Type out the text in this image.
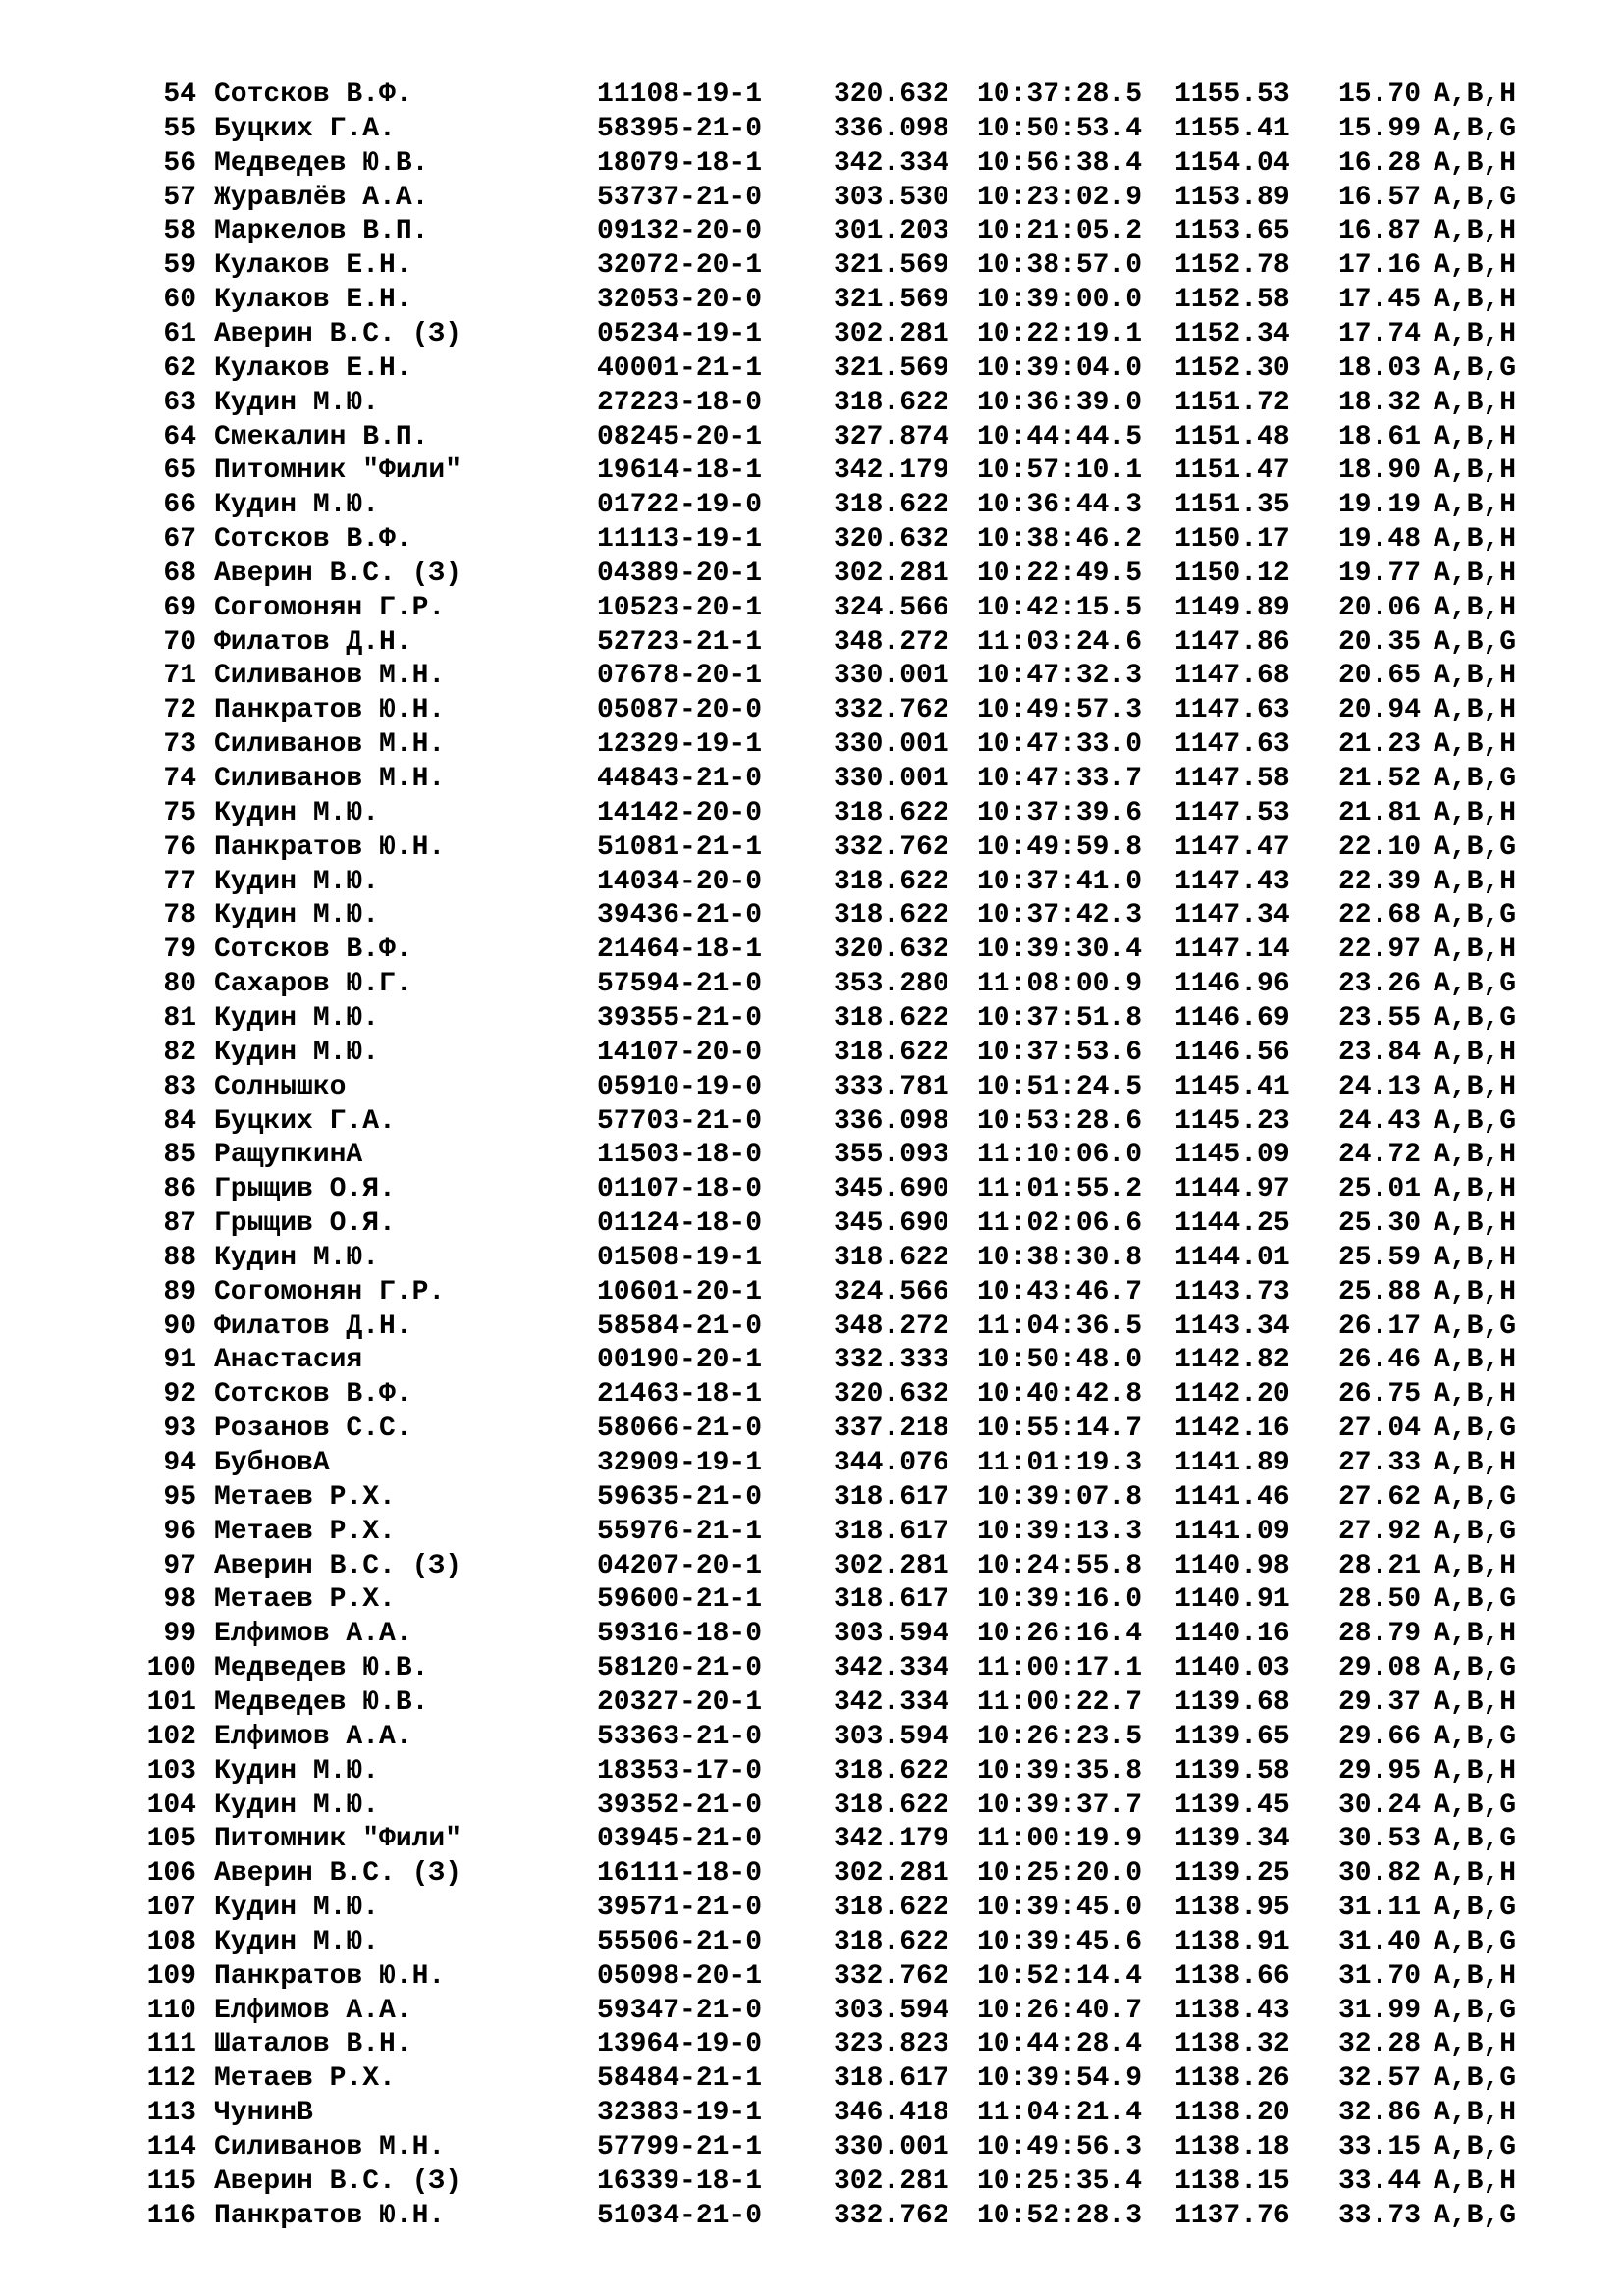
54 Сотсков В.Ф.	11108-19-1	320.632 10:37:28.5 1155.53 15.70 A,B,H
55 Буцких Г.А.	58395-21-0	336.098 10:50:53.4 1155.41 15.99 A,B,G
56 Медведев Ю.В.	18079-18-1	342.334 10:56:38.4 1154.04 16.28 A,B,H
57 Журавлёв А.А.	53737-21-0	303.530 10:23:02.9 1153.89 16.57 A,B,G
58 Маркелов В.П.	09132-20-0	301.203 10:21:05.2 1153.65 16.87 A,B,H
59 Кулаков Е.Н.	32072-20-1	321.569 10:38:57.0 1152.78 17.16 A,B,H
60 Кулаков Е.Н.	32053-20-0	321.569 10:39:00.0 1152.58 17.45 A,B,H
61 Аверин В.С. (З)	05234-19-1	302.281 10:22:19.1 1152.34 17.74 A,B,H
62 Кулаков Е.Н.	40001-21-1	321.569 10:39:04.0 1152.30 18.03 A,B,G
63 Кудин М.Ю.	27223-18-0	318.622 10:36:39.0 1151.72 18.32 A,B,H
64 Смекалин В.П.	08245-20-1	327.874 10:44:44.5 1151.48 18.61 A,B,H
65 Питомник "Фили"	19614-18-1	342.179 10:57:10.1 1151.47 18.90 A,B,H
66 Кудин М.Ю.	01722-19-0	318.622 10:36:44.3 1151.35 19.19 A,B,H
67 Сотсков В.Ф.	11113-19-1	320.632 10:38:46.2 1150.17 19.48 A,B,H
68 Аверин В.С. (З)	04389-20-1	302.281 10:22:49.5 1150.12 19.77 A,B,H
69 Согомонян Г.Р.	10523-20-1	324.566 10:42:15.5 1149.89 20.06 A,B,H
70 Филатов Д.Н.	52723-21-1	348.272 11:03:24.6 1147.86 20.35 A,B,G
71 Силиванов М.Н.	07678-20-1	330.001 10:47:32.3 1147.68 20.65 A,B,H
72 Панкратов Ю.Н.	05087-20-0	332.762 10:49:57.3 1147.63 20.94 A,B,H
73 Силиванов М.Н.	12329-19-1	330.001 10:47:33.0 1147.63 21.23 A,B,H
74 Силиванов М.Н.	44843-21-0	330.001 10:47:33.7 1147.58 21.52 A,B,G
75 Кудин М.Ю.	14142-20-0	318.622 10:37:39.6 1147.53 21.81 A,B,H
76 Панкратов Ю.Н.	51081-21-1	332.762 10:49:59.8 1147.47 22.10 A,B,G
77 Кудин М.Ю.	14034-20-0	318.622 10:37:41.0 1147.43 22.39 A,B,H
78 Кудин М.Ю.	39436-21-0	318.622 10:37:42.3 1147.34 22.68 A,B,G
79 Сотсков В.Ф.	21464-18-1	320.632 10:39:30.4 1147.14 22.97 A,B,H
80 Сахаров Ю.Г.	57594-21-0	353.280 11:08:00.9 1146.96 23.26 A,B,G
81 Кудин М.Ю.	39355-21-0	318.622 10:37:51.8 1146.69 23.55 A,B,G
82 Кудин М.Ю.	14107-20-0	318.622 10:37:53.6 1146.56 23.84 A,B,H
83 Солнышко	05910-19-0	333.781 10:51:24.5 1145.41 24.13 A,B,H
84 Буцких Г.А.	57703-21-0	336.098 10:53:28.6 1145.23 24.43 A,B,G
85 РащупкинА	11503-18-0	355.093 11:10:06.0 1145.09 24.72 A,B,H
86 Грыщив О.Я.	01107-18-0	345.690 11:01:55.2 1144.97 25.01 A,B,H
87 Грыщив О.Я.	01124-18-0	345.690 11:02:06.6 1144.25 25.30 A,B,H
88 Кудин М.Ю.	01508-19-1	318.622 10:38:30.8 1144.01 25.59 A,B,H
89 Согомонян Г.Р.	10601-20-1	324.566 10:43:46.7 1143.73 25.88 A,B,H
90 Филатов Д.Н.	58584-21-0	348.272 11:04:36.5 1143.34 26.17 A,B,G
91 Анастасия	00190-20-1	332.333 10:50:48.0 1142.82 26.46 A,B,H
92 Сотсков В.Ф.	21463-18-1	320.632 10:40:42.8 1142.20 26.75 A,B,H
93 Розанов С.С.	58066-21-0	337.218 10:55:14.7 1142.16 27.04 A,B,G
94 БубновА	32909-19-1	344.076 11:01:19.3 1141.89 27.33 A,B,H
95 Метаев Р.Х.	59635-21-0	318.617 10:39:07.8 1141.46 27.62 A,B,G
96 Метаев Р.Х.	55976-21-1	318.617 10:39:13.3 1141.09 27.92 A,B,G
97 Аверин В.С. (З)	04207-20-1	302.281 10:24:55.8 1140.98 28.21 A,B,H
98 Метаев Р.Х.	59600-21-1	318.617 10:39:16.0 1140.91 28.50 A,B,G
99 Елфимов А.А.	59316-18-0	303.594 10:26:16.4 1140.16 28.79 A,B,H
100 Медведев Ю.В.	58120-21-0	342.334 11:00:17.1 1140.03 29.08 A,B,G
101 Медведев Ю.В.	20327-20-1	342.334 11:00:22.7 1139.68 29.37 A,B,H
102 Елфимов А.А.	53363-21-0	303.594 10:26:23.5 1139.65 29.66 A,B,G
103 Кудин М.Ю.	18353-17-0	318.622 10:39:35.8 1139.58 29.95 A,B,H
104 Кудин М.Ю.	39352-21-0	318.622 10:39:37.7 1139.45 30.24 A,B,G
105 Питомник "Фили"	03945-21-0	342.179 11:00:19.9 1139.34 30.53 A,B,G
106 Аверин В.С. (З)	16111-18-0	302.281 10:25:20.0 1139.25 30.82 A,B,H
107 Кудин М.Ю.	39571-21-0	318.622 10:39:45.0 1138.95 31.11 A,B,G
108 Кудин М.Ю.	55506-21-0	318.622 10:39:45.6 1138.91 31.40 A,B,G
109 Панкратов Ю.Н.	05098-20-1	332.762 10:52:14.4 1138.66 31.70 A,B,H
110 Елфимов А.А.	59347-21-0	303.594 10:26:40.7 1138.43 31.99 A,B,G
111 Шаталов В.Н.	13964-19-0	323.823 10:44:28.4 1138.32 32.28 A,B,H
112 Метаев Р.Х.	58484-21-1	318.617 10:39:54.9 1138.26 32.57 A,B,G
113 ЧунинВ	32383-19-1	346.418 11:04:21.4 1138.20 32.86 A,B,H
114 Силиванов М.Н.	57799-21-1	330.001 10:49:56.3 1138.18 33.15 A,B,G
115 Аверин В.С. (З)	16339-18-1	302.281 10:25:35.4 1138.15 33.44 A,B,H
116 Панкратов Ю.Н.	51034-21-0	332.762 10:52:28.3 1137.76 33.73 A,B,G
